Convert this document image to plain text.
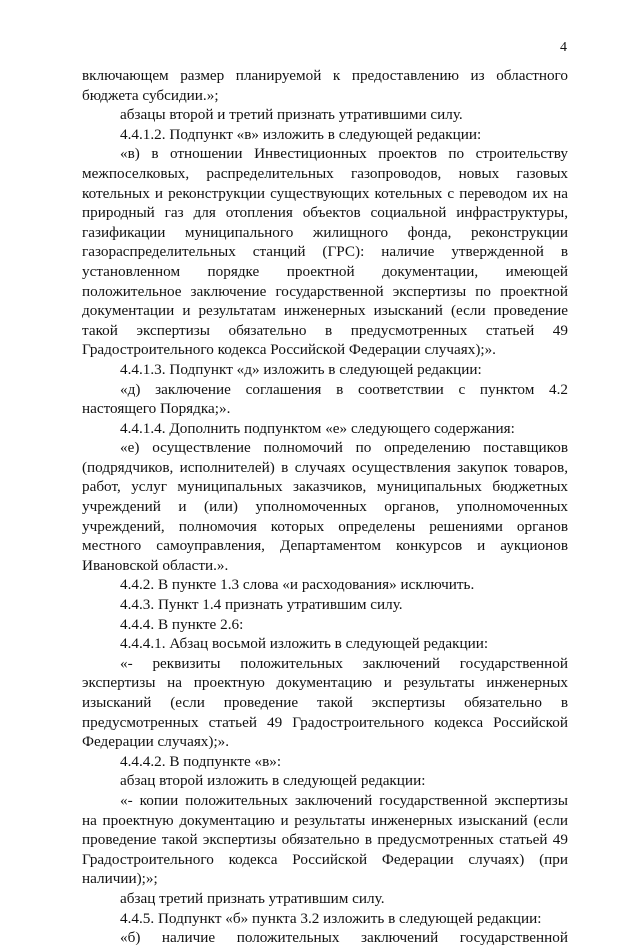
4

включающем размер планируемой к предоставлению из областного бюджета субсидии.»;

абзацы второй и третий признать утратившими силу.

4.4.1.2. Подпункт «в» изложить в следующей редакции:

«в) в отношении Инвестиционных проектов по строительству межпоселковых, распределительных газопроводов, новых газовых котельных и реконструкции существующих котельных с переводом их на природный газ для отопления объектов социальной инфраструктуры, газификации муниципального жилищного фонда, реконструкции газораспределительных станций (ГРС): наличие утвержденной в установленном порядке проектной документации, имеющей положительное заключение государственной экспертизы по проектной документации и результатам инженерных изысканий (если проведение такой экспертизы обязательно в предусмотренных статьей 49 Градостроительного кодекса Российской Федерации случаях);».

4.4.1.3. Подпункт «д» изложить в следующей редакции:

«д) заключение соглашения в соответствии с пунктом 4.2 настоящего Порядка;».

4.4.1.4. Дополнить подпунктом «е» следующего содержания:

«е) осуществление полномочий по определению поставщиков (подрядчиков, исполнителей) в случаях осуществления закупок товаров, работ, услуг муниципальных заказчиков, муниципальных бюджетных учреждений и (или) уполномоченных органов, уполномоченных учреждений, полномочия которых определены решениями органов местного самоуправления, Департаментом конкурсов и аукционов Ивановской области.».

4.4.2. В пункте 1.3 слова «и расходования» исключить.

4.4.3. Пункт 1.4 признать утратившим силу.

4.4.4. В пункте 2.6:

4.4.4.1. Абзац восьмой изложить в следующей редакции:

«- реквизиты положительных заключений государственной экспертизы на проектную документацию и результаты инженерных изысканий (если проведение такой экспертизы обязательно в предусмотренных статьей 49 Градостроительного кодекса Российской Федерации случаях);».

4.4.4.2. В подпункте «в»:

абзац второй изложить в следующей редакции:

«- копии положительных заключений государственной экспертизы на проектную документацию и результаты инженерных изысканий (если проведение такой экспертизы обязательно в предусмотренных статьей 49 Градостроительного кодекса Российской Федерации случаях) (при наличии);»;

абзац третий признать утратившим силу.

4.4.5. Подпункт «б» пункта 3.2 изложить в следующей редакции:

«б) наличие положительных заключений государственной
